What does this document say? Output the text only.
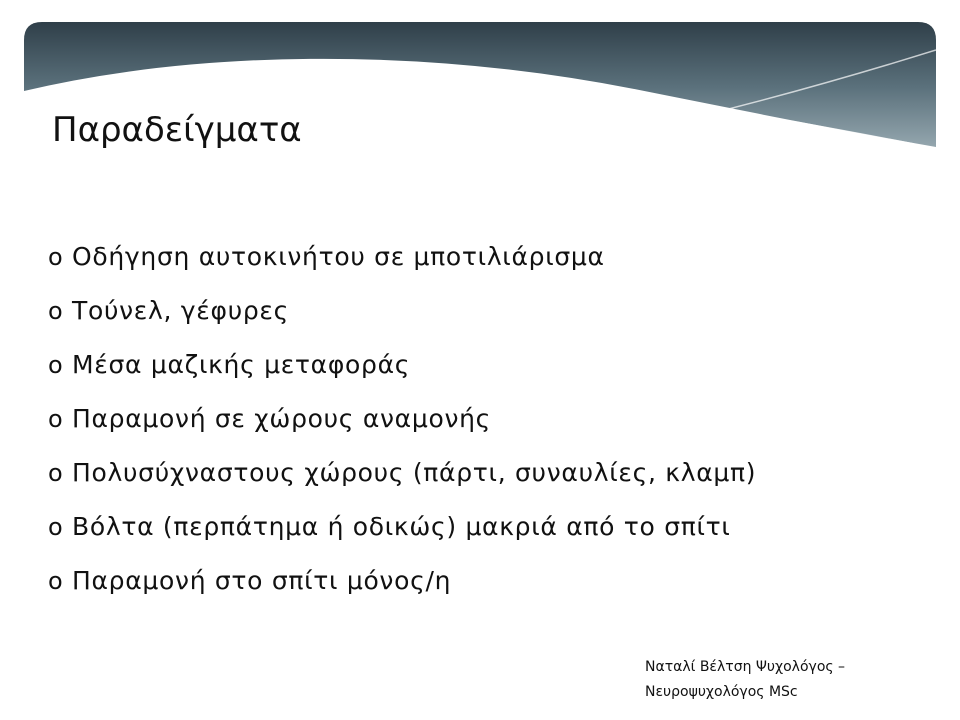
Παραδείγματα
o Οδήγηση αυτοκινήτου σε μποτιλιάρισμα
o Τούνελ, γέφυρες
o Μέσα μαζικής μεταφοράς
o Παραμονή σε χώρους αναμονής
o Πολυσύχναστους χώρους (πάρτι, συναυλίες, κλαμπ)
o Βόλτα (περπάτημα ή οδικώς) μακριά από το σπίτι
o Παραμονή στο σπίτι μόνος/η
Ναταλί Βέλτση Ψυχολόγος –
Νευροψυχολόγος MSc
